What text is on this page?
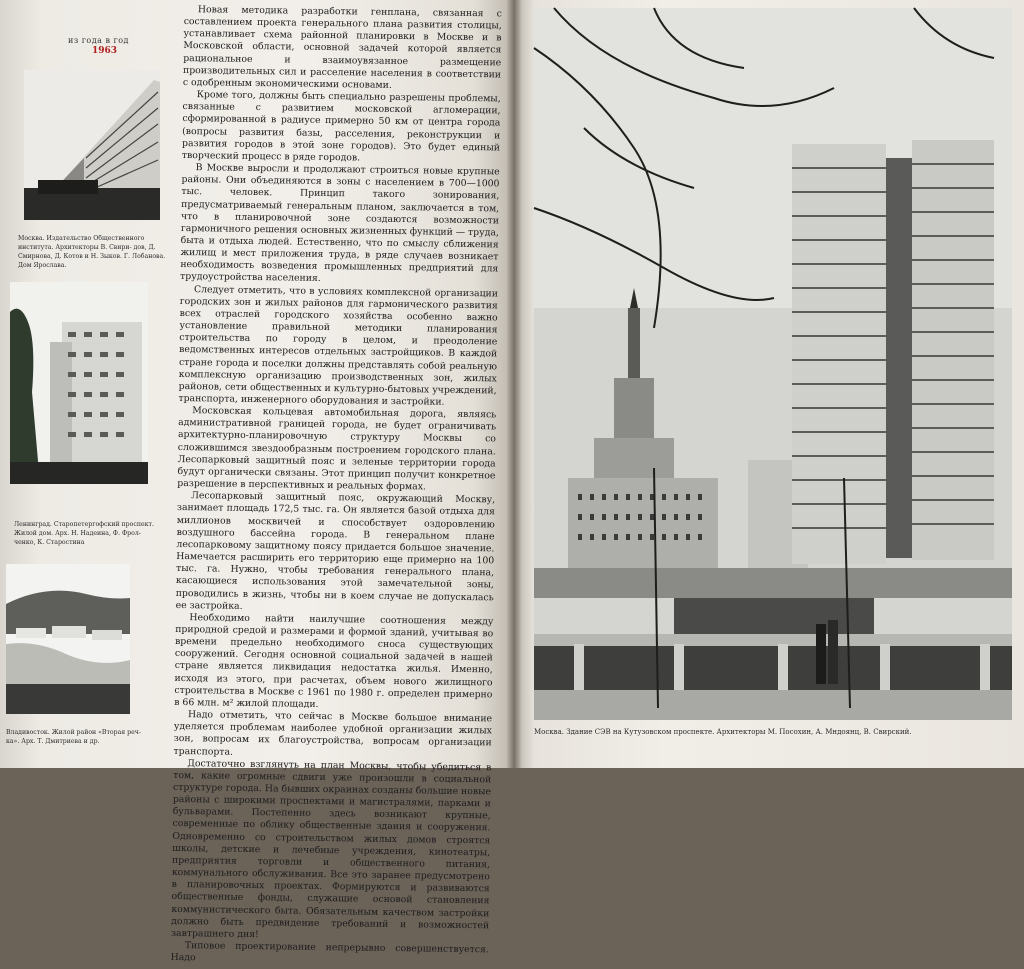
из года в год
1963
Москва. Издательство Общественного института. Архитекторы В. Свири- дов, Д. Смирнова, Д. Котов и Н. Зыков. Г. Лобанова. Дом Ярослава.
Ленинград. Старопетергофский проспект. Жилой дом. Арх. Н. Надеина, Ф. Фрол- ченко, К. Старостина
Владивосток. Жилой район «Вторая реч- ка». Арх. Т. Дмитриева и др.

Новая методика разработки генплана, связанная с составлением проекта генерального плана развития столицы, устанавливает схема районной планировки в Москве и в Московской области, основной задачей которой является рациональное и взаимоувязанное размещение производительных сил и расселение населения в соответствии с одобренным экономическими основами.

Кроме того, должны быть специально разрешены проблемы, связанные с развитием московской агломерации, сформированной в радиусе примерно 50 км от центра города (вопросы развития базы, расселения, реконструкции и развития городов в этой зоне городов). Это будет единый творческий процесс в ряде городов.

В Москве выросли и продолжают строиться новые крупные районы. Они объединяются в зоны с населением в 700—1000 тыс. человек. Принцип такого зонирования, предусматриваемый генеральным планом, заключается в том, что в планировочной зоне создаются возможности гармоничного решения основных жизненных функций — труда, быта и отдыха людей. Естественно, что по смыслу сближения жилищ и мест приложения труда, в ряде случаев возникает необходимость возведения промышленных предприятий для трудоустройства населения.

Следует отметить, что в условиях комплексной организации городских зон и жилых районов для гармонического развития всех отраслей городского хозяйства особенно важно установление правильной методики планирования строительства по городу в целом, и преодоление ведомственных интересов отдельных застройщиков. В каждой стране города и поселки должны представлять собой реальную комплексную организацию производственных зон, жилых районов, сети общественных и культурно-бытовых учреждений, транспорта, инженерного оборудования и застройки.

Московская кольцевая автомобильная дорога, являясь административной границей города, не будет ограничивать архитектурно-планировочную структуру Москвы со сложившимся звездообразным построением городского плана. Лесопарковый защитный пояс и зеленые территории города будут органически связаны. Этот принцип получит конкретное разрешение в перспективных и реальных формах.

Лесопарковый защитный пояс, окружающий Москву, занимает площадь 172,5 тыс. га. Он является базой отдыха для миллионов москвичей и способствует оздоровлению воздушного бассейна города. В генеральном плане лесопарковому защитному поясу придается большое значение. Намечается расширить его территорию еще примерно на 100 тыс. га. Нужно, чтобы требования генерального плана, касающиеся использования этой замечательной зоны, проводились в жизнь, чтобы ни в коем случае не допускалась ее застройка.

Необходимо найти наилучшие соотношения между природной средой и размерами и формой зданий, учитывая во времени предельно необходимого сноса существующих сооружений. Сегодня основной социальной задачей в нашей стране является ликвидация недостатка жилья. Именно, исходя из этого, при расчетах, объем нового жилищного строительства в Москве с 1961 по 1980 г. определен примерно в 66 млн. м² жилой площади.

Надо отметить, что сейчас в Москве большое внимание уделяется проблемам наиболее удобной организации жилых зон, вопросам их благоустройства, вопросам организации транспорта.

Достаточно взглянуть на план Москвы, чтобы убедиться в том, какие огромные сдвиги уже произошли в социальной структуре города. На бывших окраинах созданы большие новые районы с широкими проспектами и магистралями, парками и бульварами. Постепенно здесь возникают крупные, современные по облику общественные здания и сооружения. Одновременно со строительством жилых домов строятся школы, детские и лечебные учреждения, кинотеатры, предприятия торговли и общественного питания, коммунального обслуживания. Все это заранее предусмотрено в планировочных проектах. Формируются и развиваются общественные фонды, служащие основой становления коммунистического быта. Обязательным качеством застройки должно быть предвидение требований и возможностей завтрашнего дня!

Типовое проектирование непрерывно совершенствуется. Надо

Москва. Здание СЭВ на Кутузовском проспекте. Архитекторы М. Посохин, А. Мндоянц, В. Свирский.
